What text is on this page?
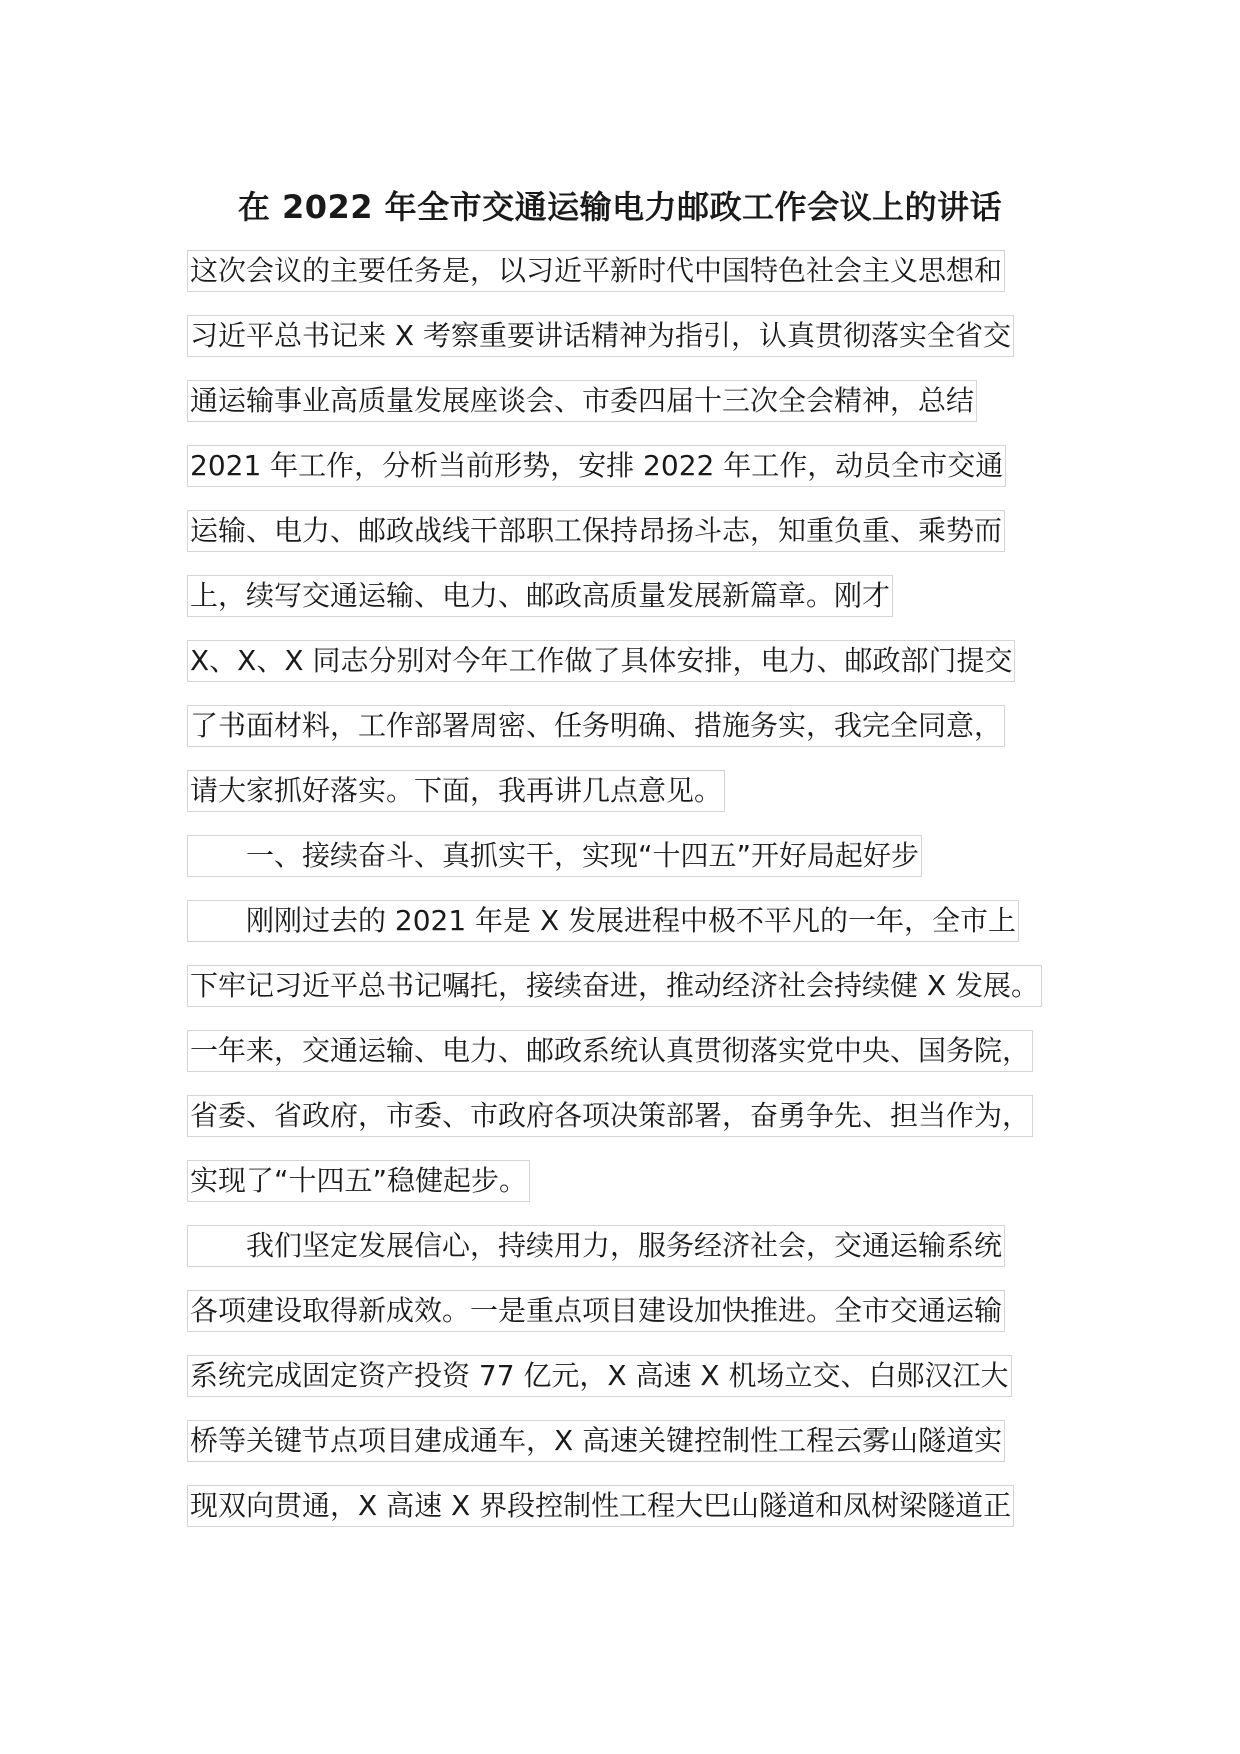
在 2022 年全市交通运输电力邮政工作会议上的讲话
这次会议的主要任务是，以习近平新时代中国特色社会主义思想和
习近平总书记来 X 考察重要讲话精神为指引，认真贯彻落实全省交
通运输事业高质量发展座谈会、市委四届十三次全会精神，总结
2021 年工作，分析当前形势，安排 2022 年工作，动员全市交通
运输、电力、邮政战线干部职工保持昂扬斗志，知重负重、乘势而
上，续写交通运输、电力、邮政高质量发展新篇章。刚才
X、X、X 同志分别对今年工作做了具体安排，电力、邮政部门提交
了书面材料，工作部署周密、任务明确、措施务实，我完全同意，
请大家抓好落实。下面，我再讲几点意见。
一、接续奋斗、真抓实干，实现“十四五”开好局起好步
刚刚过去的 2021 年是 X 发展进程中极不平凡的一年，全市上
下牢记习近平总书记嘱托，接续奋进，推动经济社会持续健 X 发展。
一年来，交通运输、电力、邮政系统认真贯彻落实党中央、国务院，
省委、省政府，市委、市政府各项决策部署，奋勇争先、担当作为，
实现了“十四五”稳健起步。
我们坚定发展信心，持续用力，服务经济社会，交通运输系统
各项建设取得新成效。一是重点项目建设加快推进。全市交通运输
系统完成固定资产投资 77 亿元，X 高速 X 机场立交、白郧汉江大
桥等关键节点项目建成通车，X 高速关键控制性工程云雾山隧道实
现双向贯通，X 高速 X 界段控制性工程大巴山隧道和凤树梁隧道正
